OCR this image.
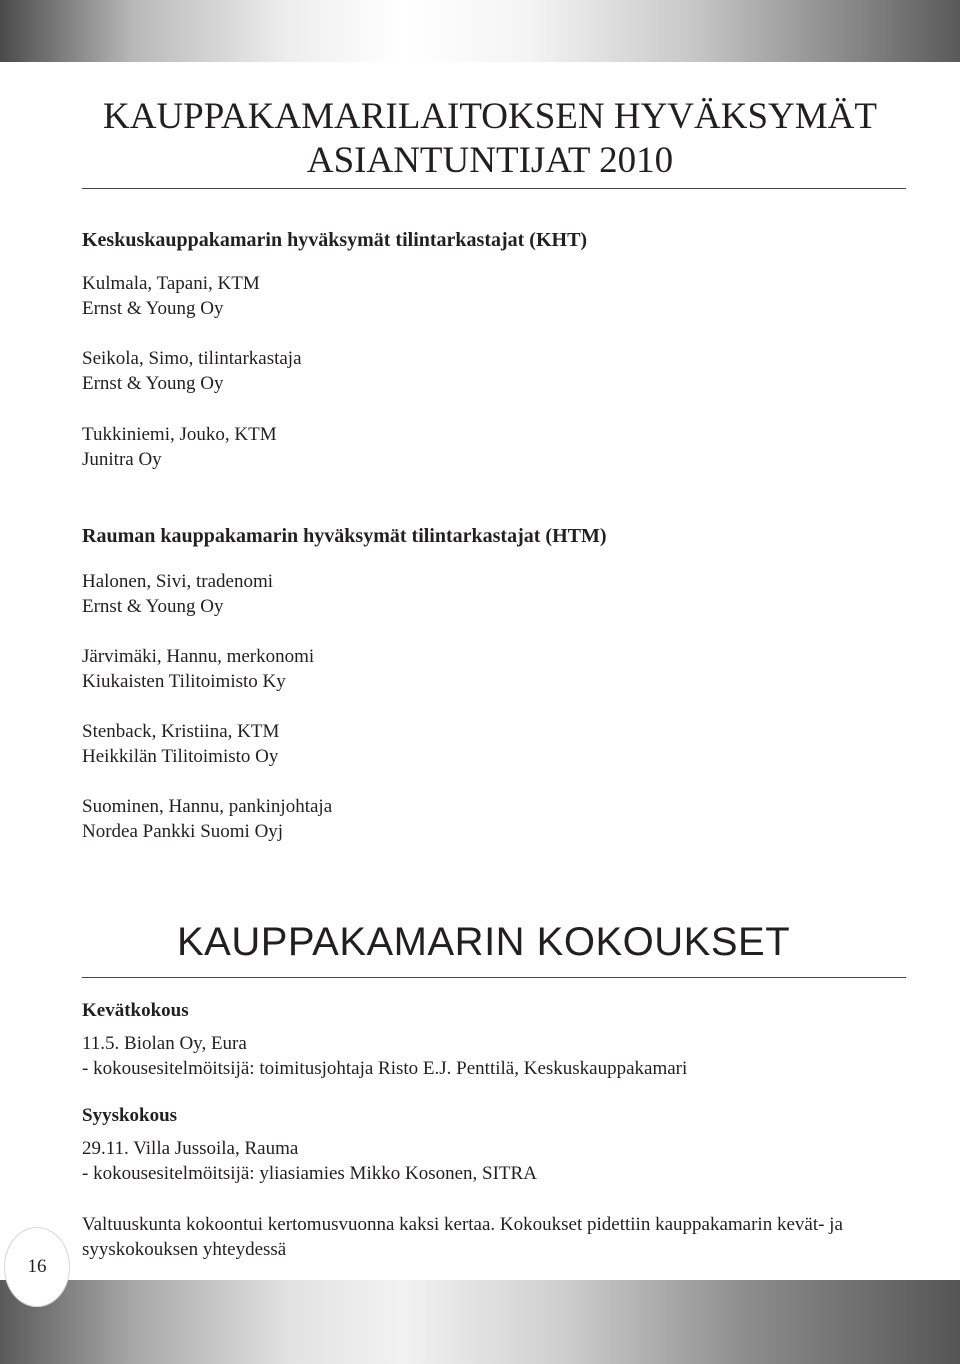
KAUPPAKAMARILAITOKSEN HYVÄKSYMÄT
ASIANTUNTIJAT 2010
Keskuskauppakamarin hyväksymät tilintarkastajat (KHT)
Kulmala, Tapani, KTM
Ernst & Young Oy
Seikola, Simo, tilintarkastaja
Ernst & Young Oy
Tukkiniemi, Jouko, KTM
Junitra Oy
Rauman kauppakamarin hyväksymät tilintarkastajat (HTM)
Halonen, Sivi, tradenomi
Ernst & Young Oy
Järvimäki, Hannu, merkonomi
Kiukaisten Tilitoimisto Ky
Stenback, Kristiina, KTM
Heikkilän Tilitoimisto Oy
Suominen, Hannu, pankinjohtaja
Nordea Pankki Suomi Oyj
KAUPPAKAMARIN KOKOUKSET
Kevätkokous
11.5. Biolan Oy, Eura
- kokousesitelmöitsijä: toimitusjohtaja Risto E.J. Penttilä, Keskuskauppakamari
Syyskokous
29.11. Villa Jussoila, Rauma
- kokousesitelmöitsijä: yliasiamies Mikko Kosonen, SITRA

Valtuuskunta kokoontui kertomusvuonna kaksi kertaa. Kokoukset pidettiin kauppakamarin kevät- ja syyskokouksen yhteydessä

16
